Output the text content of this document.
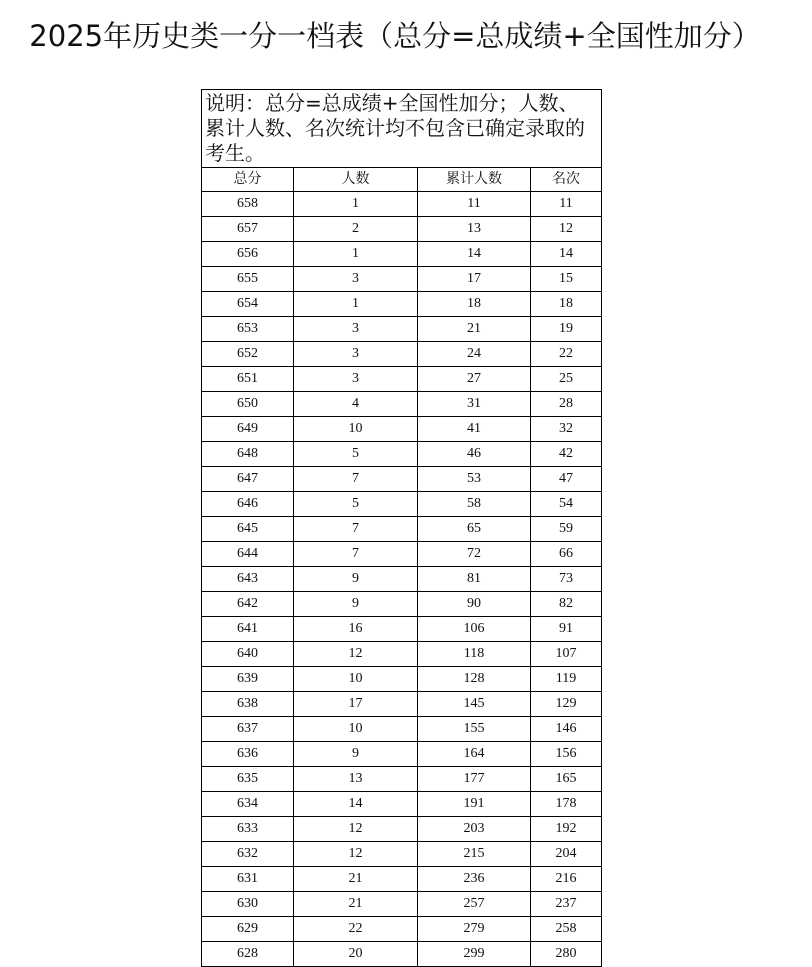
2025年历史类一分一档表（总分=总成绩+全国性加分）
说明：总分=总成绩+全国性加分；人数、累计人数、名次统计均不包含已确定录取的考生。			
总分	人数	累计人数	名次
658	1	11	11
657	2	13	12
656	1	14	14
655	3	17	15
654	1	18	18
653	3	21	19
652	3	24	22
651	3	27	25
650	4	31	28
649	10	41	32
648	5	46	42
647	7	53	47
646	5	58	54
645	7	65	59
644	7	72	66
643	9	81	73
642	9	90	82
641	16	106	91
640	12	118	107
639	10	128	119
638	17	145	129
637	10	155	146
636	9	164	156
635	13	177	165
634	14	191	178
633	12	203	192
632	12	215	204
631	21	236	216
630	21	257	237
629	22	279	258
628	20	299	280
